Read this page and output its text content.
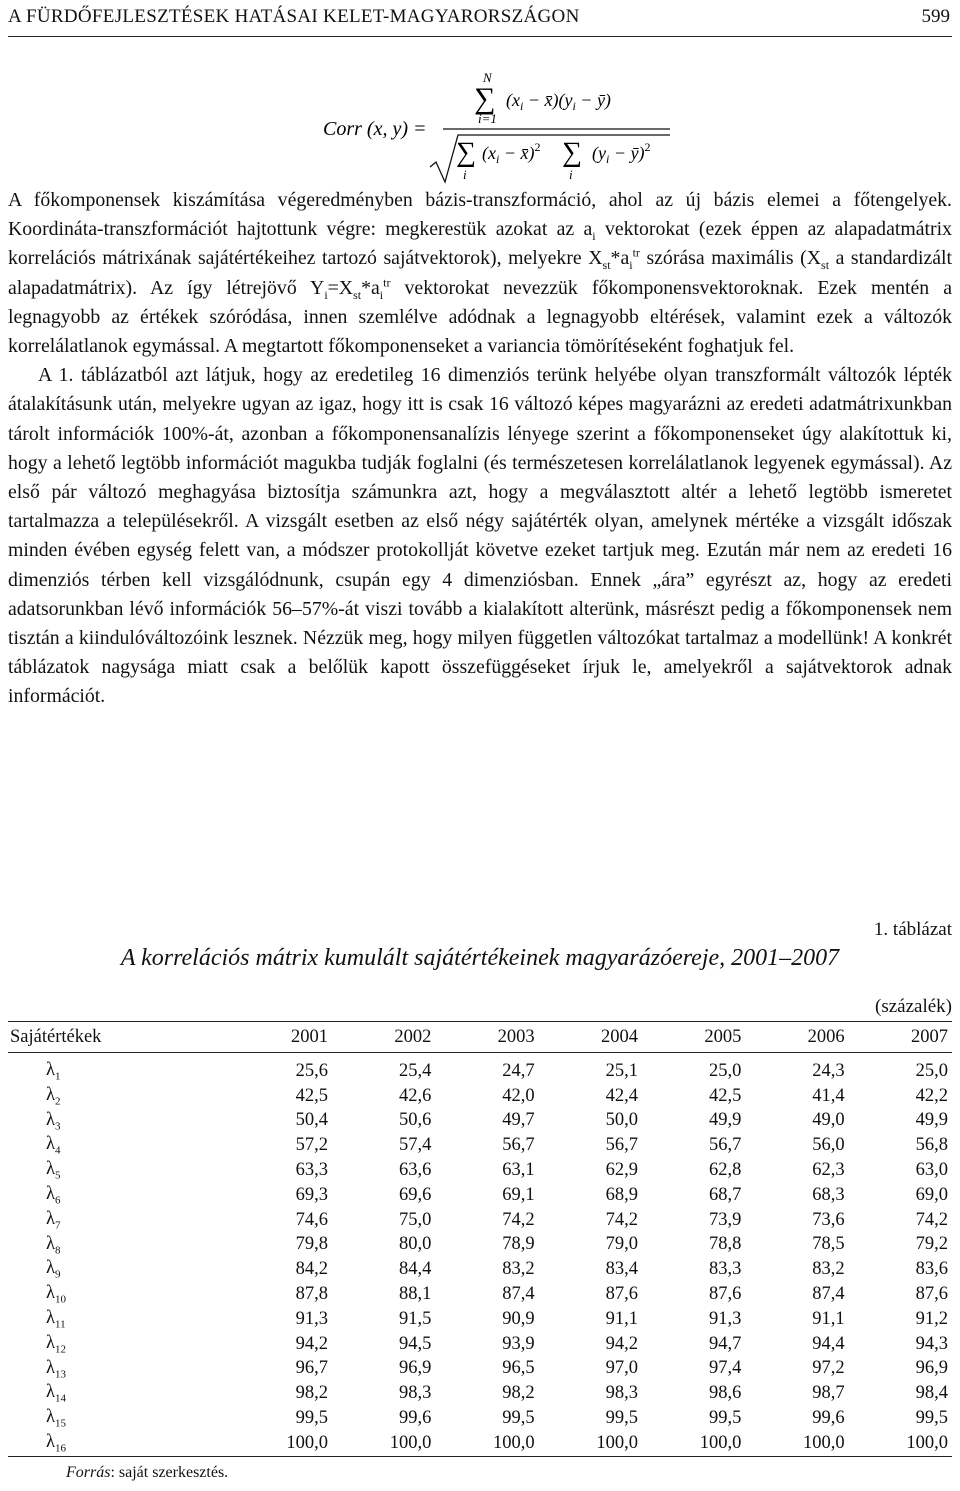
A FÜRDŐFEJLESZTÉSEK HATÁSAI KELET-MAGYARORSZÁGON	599
Corr (x, y) =
N
∑
i=1
($x_i$ − $x̄)(y_i$ − ȳ)
∑
i
($x_i$ − x̄)$^2$ ∑
i
($y_i$ − ȳ)$^2$

A főkomponensek kiszámítása végeredményben bázis-transzformáció, ahol az új bázis elemei a főtengelyek. Koordináta-transzformációt hajtottunk végre: megkerestük azokat az $a_i$ vektorokat (ezek éppen az alapadatmátrix korrelációs mátrixának sajátértékeihez tartozó sajátvektorok), melyekre $X_{st}*a_i^{tr}$ szórása maximális ($X_{st}$ a standardizált alapadatmátrix). Az így létrejövő $Y_i=X_{st}*a_i^{tr}$ vektorokat nevezzük főkomponensvektoroknak. Ezek mentén a legnagyobb az értékek szóródása, innen szemlélve adódnak a legnagyobb eltérések, valamint ezek a változók korrelálatlanok egymással. A megtartott főkomponenseket a variancia tömörítéseként foghatjuk fel.

A 1. táblázatból azt látjuk, hogy az eredetileg 16 dimenziós terünk helyébe olyan transzformált változók lépték átalakításunk után, melyekre ugyan az igaz, hogy itt is csak 16 változó képes magyarázni az eredeti adatmátrixunkban tárolt információk 100%-át, azonban a főkomponensanalízis lényege szerint a főkomponenseket úgy alakítottuk ki, hogy a lehető legtöbb információt magukba tudják foglalni (és természetesen korrelálatlanok legyenek egymással). Az első pár változó meghagyása biztosítja számunkra azt, hogy a megválasztott altér a lehető legtöbb ismeretet tartalmazza a településekről. A vizsgált esetben az első négy sajátérték olyan, amelynek mértéke a vizsgált időszak minden évében egység felett van, a módszer protokollját követve ezeket tartjuk meg. Ezután már nem az eredeti 16 dimenziós térben kell vizsgálódnunk, csupán egy 4 dimenziósban. Ennek „ára” egyrészt az, hogy az eredeti adatsorunkban lévő információk 56–57%-át viszi tovább a kialakított alterünk, másrészt pedig a főkomponensek nem tisztán a kiindulóváltozóink lesznek. Nézzük meg, hogy milyen független változókat tartalmaz a modellünk! A konkrét táblázatok nagysága miatt csak a belőlük kapott összefüggéseket írjuk le, amelyekről a sajátvektorok adnak információt.

1. táblázat
A korrelációs mátrix kumulált sajátértékeinek magyarázóereje, 2001–2007
(százalék)
Sajátértékek	2001	2002	2003	2004	2005	2006	2007
$\lambda_1$	25,6	25,4	24,7	25,1	25,0	24,3	25,0
$\lambda_2$	42,5	42,6	42,0	42,4	42,5	41,4	42,2
$\lambda_3$	50,4	50,6	49,7	50,0	49,9	49,0	49,9
$\lambda_4$	57,2	57,4	56,7	56,7	56,7	56,0	56,8
$\lambda_5$	63,3	63,6	63,1	62,9	62,8	62,3	63,0
$\lambda_6$	69,3	69,6	69,1	68,9	68,7	68,3	69,0
$\lambda_7$	74,6	75,0	74,2	74,2	73,9	73,6	74,2
$\lambda_8$	79,8	80,0	78,9	79,0	78,8	78,5	79,2
$\lambda_9$	84,2	84,4	83,2	83,4	83,3	83,2	83,6
$\lambda_{10}$	87,8	88,1	87,4	87,6	87,6	87,4	87,6
$\lambda_{11}$	91,3	91,5	90,9	91,1	91,3	91,1	91,2
$\lambda_{12}$	94,2	94,5	93,9	94,2	94,7	94,4	94,3
$\lambda_{13}$	96,7	96,9	96,5	97,0	97,4	97,2	96,9
$\lambda_{14}$	98,2	98,3	98,2	98,3	98,6	98,7	98,4
$\lambda_{15}$	99,5	99,6	99,5	99,5	99,5	99,6	99,5
$\lambda_{16}$	100,0	100,0	100,0	100,0	100,0	100,0	100,0
Forrás: saját szerkesztés.
